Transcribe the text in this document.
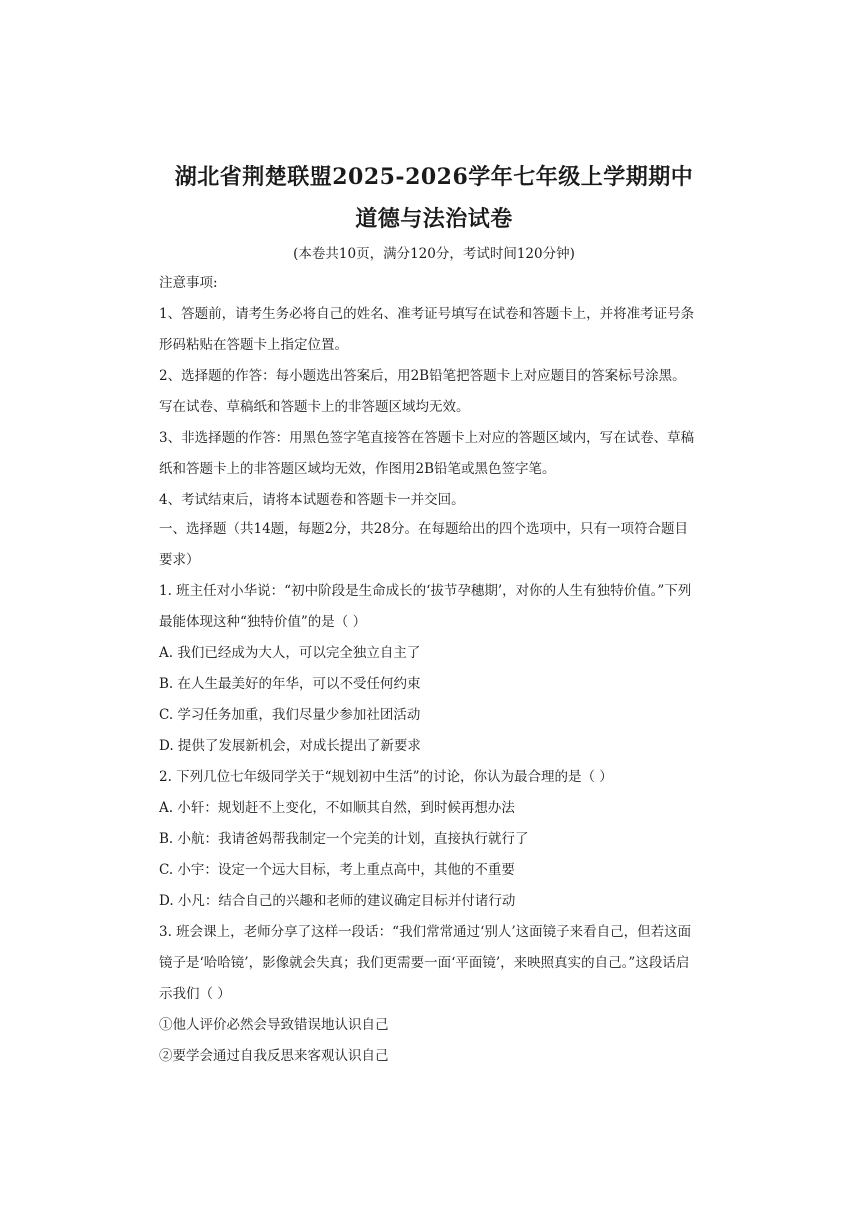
湖北省荆楚联盟2025-2026学年七年级上学期期中
道德与法治试卷
(本卷共10页，满分120分，考试时间120分钟)
注意事项:
1、答题前，请考生务必将自己的姓名、准考证号填写在试卷和答题卡上，并将准考证号条
形码粘贴在答题卡上指定位置。
2、选择题的作答：每小题选出答案后，用2B铅笔把答题卡上对应题目的答案标号涂黑。
写在试卷、草稿纸和答题卡上的非答题区域均无效。
3、非选择题的作答：用黑色签字笔直接答在答题卡上对应的答题区域内，写在试卷、草稿
纸和答题卡上的非答题区域均无效，作图用2B铅笔或黑色签字笔。
4、考试结束后，请将本试题卷和答题卡一并交回。
一、选择题（共14题，每题2分，共28分。在每题给出的四个选项中，只有一项符合题目
要求）
1. 班主任对小华说：“初中阶段是生命成长的‘拔节孕穗期’，对你的人生有独特价值。”下列
最能体现这种“独特价值”的是（ ）
A. 我们已经成为大人，可以完全独立自主了
B. 在人生最美好的年华，可以不受任何约束
C. 学习任务加重，我们尽量少参加社团活动
D. 提供了发展新机会，对成长提出了新要求
2. 下列几位七年级同学关于“规划初中生活”的讨论，你认为最合理的是（ ）
A. 小轩：规划赶不上变化，不如顺其自然，到时候再想办法
B. 小航：我请爸妈帮我制定一个完美的计划，直接执行就行了
C. 小宇：设定一个远大目标，考上重点高中，其他的不重要
D. 小凡：结合自己的兴趣和老师的建议确定目标并付诸行动
3. 班会课上，老师分享了这样一段话：“我们常常通过‘别人’这面镜子来看自己，但若这面
镜子是‘哈哈镜’，影像就会失真；我们更需要一面‘平面镜’，来映照真实的自己。”这段话启
示我们（ ）
①他人评价必然会导致错误地认识自己
②要学会通过自我反思来客观认识自己
